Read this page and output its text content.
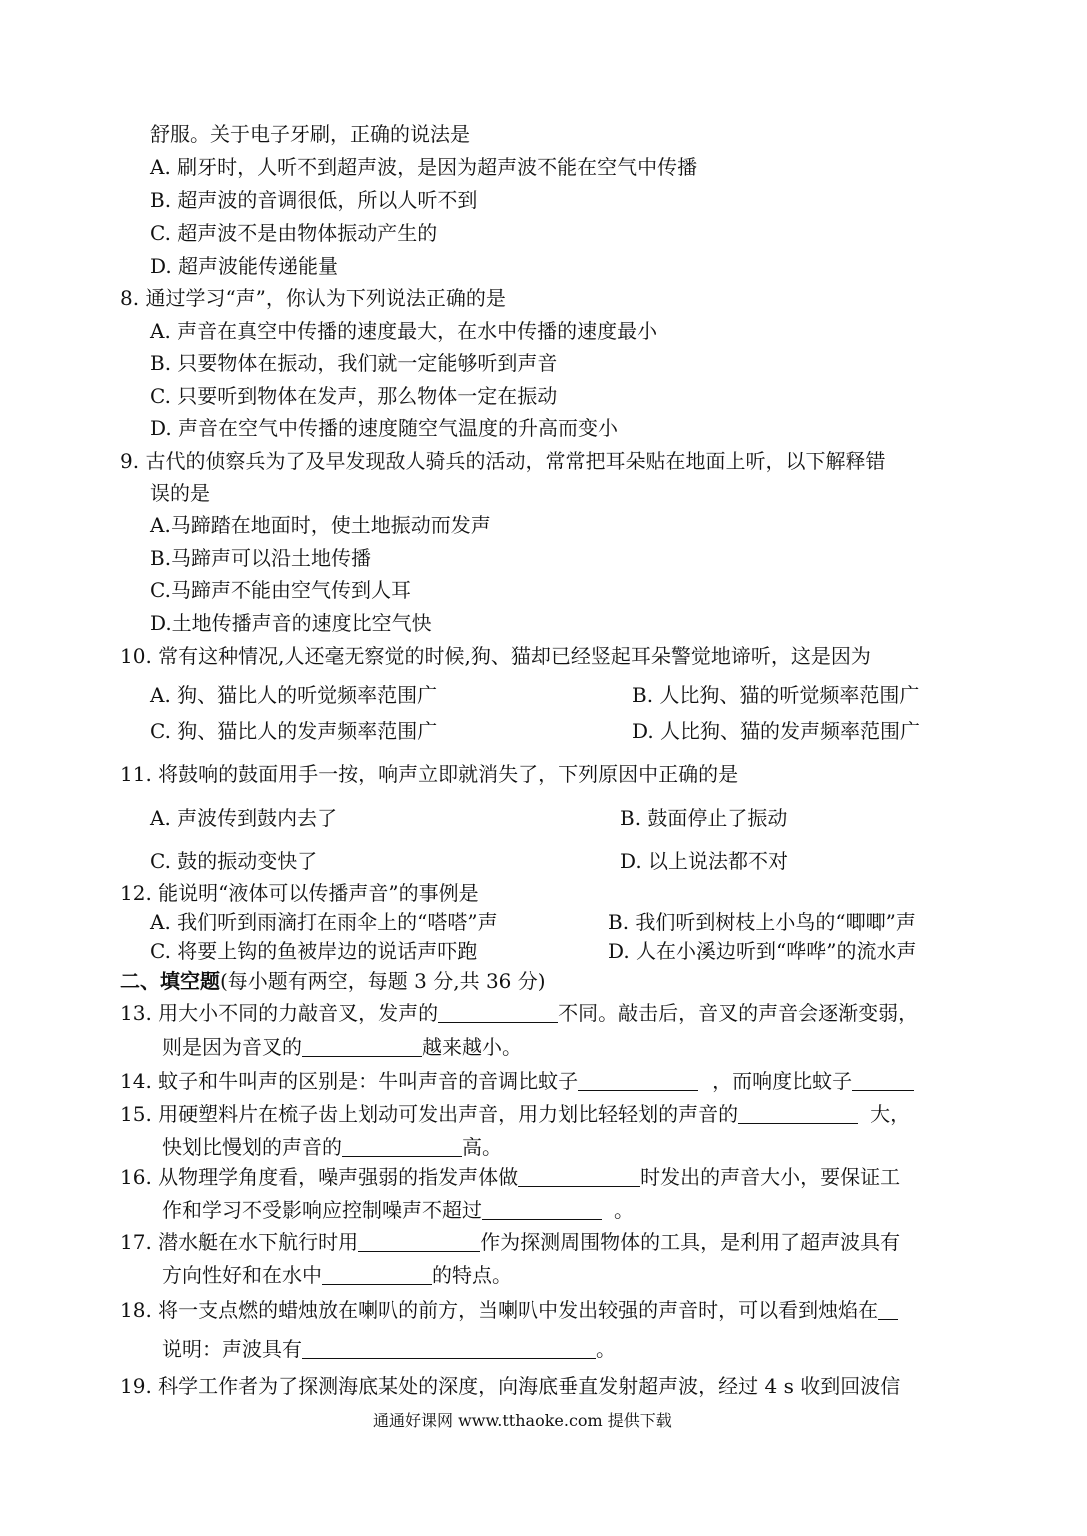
舒服。关于电子牙刷，正确的说法是
A. 刷牙时，人听不到超声波，是因为超声波不能在空气中传播
B. 超声波的音调很低，所以人听不到
C. 超声波不是由物体振动产生的
D. 超声波能传递能量
8. 通过学习“声”，你认为下列说法正确的是
A. 声音在真空中传播的速度最大，在水中传播的速度最小
B. 只要物体在振动，我们就一定能够听到声音
C. 只要听到物体在发声，那么物体一定在振动
D. 声音在空气中传播的速度随空气温度的升高而变小
9. 古代的侦察兵为了及早发现敌人骑兵的活动，常常把耳朵贴在地面上听，以下解释错
误的是
A.马蹄踏在地面时，使土地振动而发声
B.马蹄声可以沿土地传播
C.马蹄声不能由空气传到人耳
D.土地传播声音的速度比空气快
10. 常有这种情况,人还毫无察觉的时候,狗、猫却已经竖起耳朵警觉地谛听，这是因为
A. 狗、猫比人的听觉频率范围广	B. 人比狗、猫的听觉频率范围广
C. 狗、猫比人的发声频率范围广	D. 人比狗、猫的发声频率范围广
11. 将鼓响的鼓面用手一按，响声立即就消失了，下列原因中正确的是
A. 声波传到鼓内去了	B. 鼓面停止了振动
C. 鼓的振动变快了	D. 以上说法都不对
12. 能说明“液体可以传播声音”的事例是
A. 我们听到雨滴打在雨伞上的“嗒嗒”声	B. 我们听到树枝上小鸟的“唧唧”声
C. 将要上钩的鱼被岸边的说话声吓跑	D. 人在小溪边听到“哗哗”的流水声
二、填空题(每小题有两空，每题 3 分,共 36 分)
13. 用大小不同的力敲音叉，发声的	不同。敲击后，音叉的声音会逐渐变弱，
则是因为音叉的	越来越小。
14. 蚊子和牛叫声的区别是：牛叫声音的音调比蚊子	，而响度比蚊子
15. 用硬塑料片在梳子齿上划动可发出声音，用力划比轻轻划的声音的	大，
快划比慢划的声音的	高。
16. 从物理学角度看，噪声强弱的指发声体做	时发出的声音大小，要保证工
作和学习不受影响应控制噪声不超过	。
17. 潜水艇在水下航行时用	作为探测周围物体的工具，是利用了超声波具有
方向性好和在水中	的特点。
18. 将一支点燃的蜡烛放在喇叭的前方，当喇叭中发出较强的声音时，可以看到烛焰在
说明：声波具有	。
19. 科学工作者为了探测海底某处的深度，向海底垂直发射超声波，经过 4 s 收到回波信
通通好课网 www.tthaoke.com 提供下载
